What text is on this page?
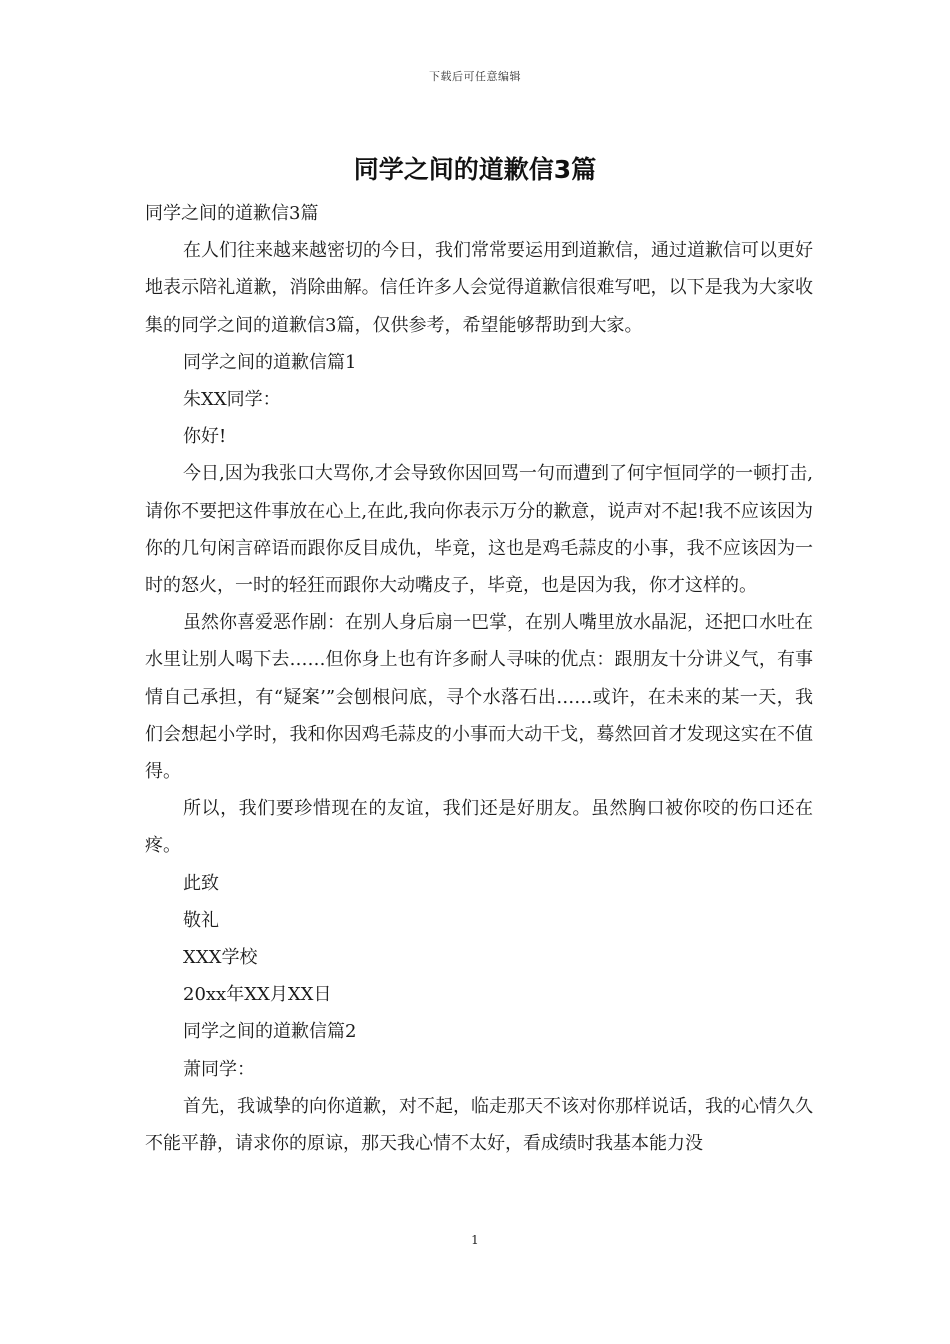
下载后可任意编辑
同学之间的道歉信3篇

同学之间的道歉信3篇

在人们往来越来越密切的今日，我们常常要运用到道歉信，通过道歉信可以更好地表示陪礼道歉，消除曲解。信任许多人会觉得道歉信很难写吧，以下是我为大家收集的同学之间的道歉信3篇，仅供参考，希望能够帮助到大家。

同学之间的道歉信篇1

朱XX同学：

你好!

今日,因为我张口大骂你,才会导致你因回骂一句而遭到了何宇恒同学的一顿打击,请你不要把这件事放在心上,在此,我向你表示万分的歉意，说声对不起!我不应该因为你的几句闲言碎语而跟你反目成仇，毕竟，这也是鸡毛蒜皮的小事，我不应该因为一时的怒火，一时的轻狂而跟你大动嘴皮子，毕竟，也是因为我，你才这样的。

虽然你喜爱恶作剧：在别人身后扇一巴掌，在别人嘴里放水晶泥，还把口水吐在水里让别人喝下去……但你身上也有许多耐人寻味的优点：跟朋友十分讲义气，有事情自己承担，有“疑案’”会刨根问底，寻个水落石出……或许，在未来的某一天，我们会想起小学时，我和你因鸡毛蒜皮的小事而大动干戈，蓦然回首才发现这实在不值得。

所以，我们要珍惜现在的友谊，我们还是好朋友。虽然胸口被你咬的伤口还在疼。

此致

敬礼

XXX学校

20xx年XX月XX日

同学之间的道歉信篇2

萧同学：

首先，我诚挚的向你道歉，对不起，临走那天不该对你那样说话，我的心情久久不能平静，请求你的原谅，那天我心情不太好，看成绩时我基本能力没

1
